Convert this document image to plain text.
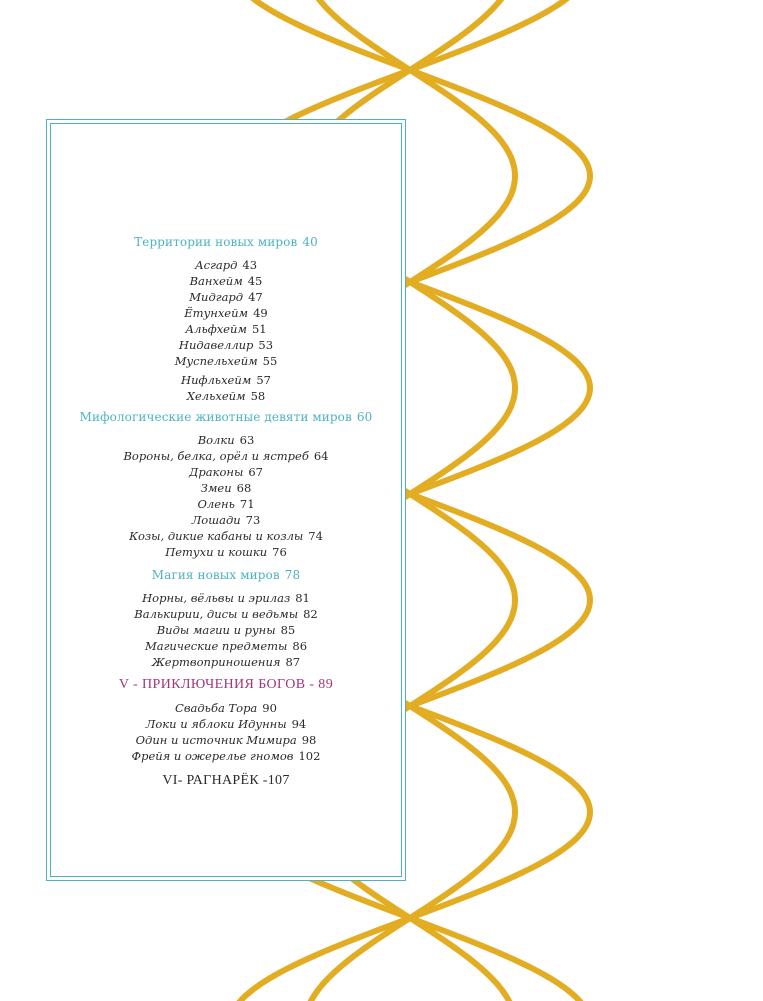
Территории новых миров 40
Асгард 43
Ванхейм 45
Мидгард 47
Ётунхейм 49
Альфхейм 51
Нидавеллир 53
Муспельхейм 55
Нифльхейм 57
Хельхейм 58
Мифологические животные девяти миров 60
Волки 63
Вороны, белка, орёл и ястреб 64
Драконы 67
Змеи 68
Олень 71
Лошади 73
Козы, дикие кабаны и козлы 74
Петухи и кошки 76
Магия новых миров 78
Норны, вёльвы и эрилаз 81
Валькирии, дисы и ведьмы 82
Виды магии и руны 85
Магические предметы 86
Жертвоприношения 87
V - ПРИКЛЮЧЕНИЯ БОГОВ - 89
Свадьба Тора 90
Локи и яблоки Идунны 94
Один и источник Мимира 98
Фрейя и ожерелье гномов 102
VI- РАГНАРЁК -107
